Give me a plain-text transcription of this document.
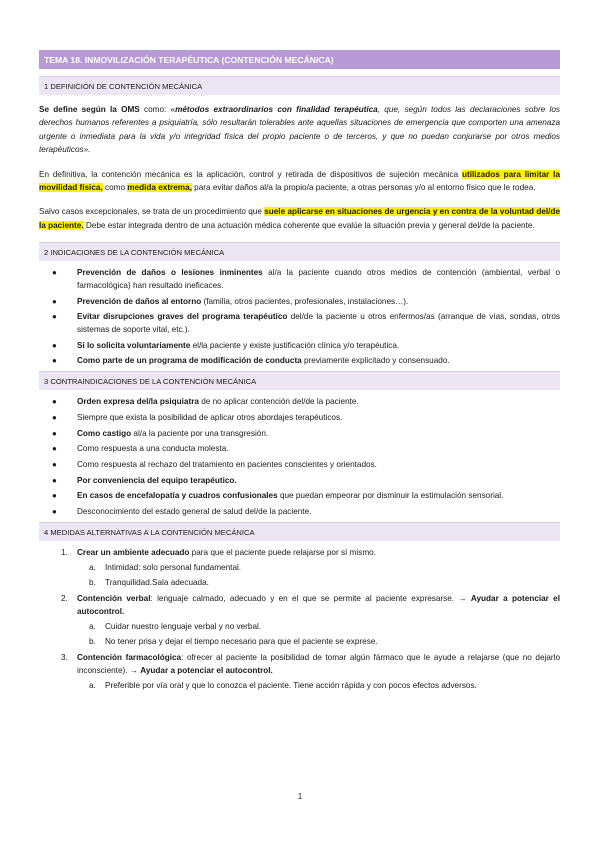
TEMA 18. INMOVILIZACIÓN TERAPÉUTICA (CONTENCIÓN MECÁNICA)
1 DEFINICIÓN DE CONTENCIÓN MECÁNICA

Se define según la OMS como: «métodos extraordinarios con finalidad terapéutica, que, según todos las declaraciones sobre los derechos humanos referentes a psiquiatría, sólo resultarán tolerables ante aquellas situaciones de emergencia que comporten una amenaza urgente o inmediata para la vida y/o integridad física del propio paciente o de terceros, y que no puedan conjurarse por otros medios terapéuticos».

En definitiva, la contención mecánica es la aplicación, control y retirada de dispositivos de sujeción mecánica utilizados para limitar la movilidad física, como medida extrema, para evitar daños al/a la propio/a paciente, a otras personas y/o al entorno físico que le rodea.

Salvo casos excepcionales, se trata de un procedimiento que suele aplicarse en situaciones de urgencia y en contra de la voluntad del/de la paciente. Debe estar integrada dentro de una actuación médica coherente que evalúe la situación previa y general del/de la paciente.

2 INDICACIONES DE LA CONTENCIÓN MECÁNICA
● Prevención de daños o lesiones inminentes al/a la paciente cuando otros medios de contención (ambiental, verbal o farmacológica) han resultado ineficaces.
● Prevención de daños al entorno (familia, otros pacientes, profesionales, instalaciones…).
● Evitar disrupciones graves del programa terapéutico del/de la paciente u otros enfermos/as (arranque de vías, sondas, otros sistemas de soporte vital, etc.).
● Si lo solicita voluntariamente el/la paciente y existe justificación clínica y/o terapéutica.
● Como parte de un programa de modificación de conducta previamente explicitado y consensuado.
3 CONTRAINDICACIONES DE LA CONTENCIÓN MECÁNICA
● Orden expresa del/la psiquiatra de no aplicar contención del/de la paciente.
● Siempre que exista la posibilidad de aplicar otros abordajes terapéuticos.
● Como castigo al/a la paciente por una transgresión.
● Como respuesta a una conducta molesta.
● Como respuesta al rechazo del tratamiento en pacientes conscientes y orientados.
● Por conveniencia del equipo terapéutico.
● En casos de encefalopatía y cuadros confusionales que puedan empeorar por disminuir la estimulación sensorial.
● Desconocimiento del estado general de salud del/de la paciente.
4 MEDIDAS ALTERNATIVAS A LA CONTENCIÓN MECÁNICA
1. Crear un ambiente adecuado para que el paciente puede relajarse por sí mismo.
a. Intimidad: solo personal fundamental.
b. Tranquilidad.Sala adecuada.
2. Contención verbal: lenguaje calmado, adecuado y en el que se permite al paciente expresarse. → Ayudar a potenciar el autocontrol.
a. Cuidar nuestro lenguaje verbal y no verbal.
b. No tener prisa y dejar el tiempo necesario para que el paciente se exprese.
3. Contención farmacológica: ofrecer al paciente la posibilidad de tomar algún fármaco que le ayude a relajarse (que no dejarlo inconsciente). → Ayudar a potenciar el autocontrol.
a. Preferible por vía oral y que lo conozca el paciente. Tiene acción rápida y con pocos efectos adversos.
1
